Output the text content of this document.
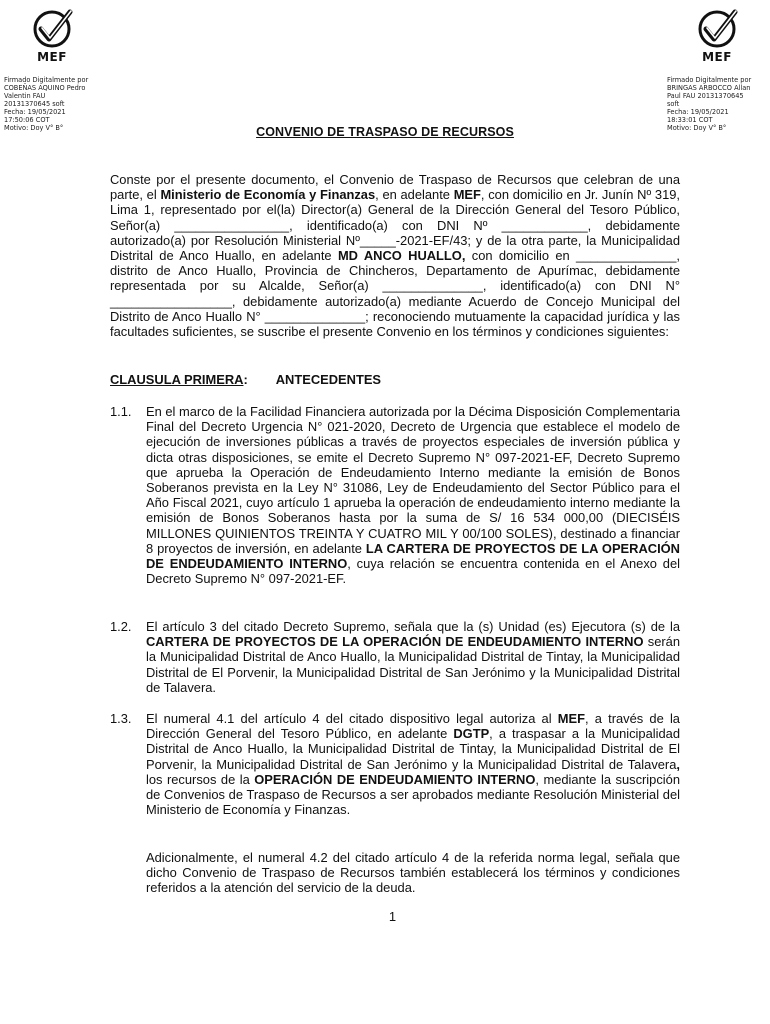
MEF
Firmado Digitalmente por
COBEÑAS AQUINO Pedro
Valentin FAU
20131370645 soft
Fecha: 19/05/2021
17:50:06 COT
Motivo: Doy V° B°
MEF
Firmado Digitalmente por
BRINGAS ARBOCCO Allan
Paul FAU 20131370645
soft
Fecha: 19/05/2021
18:33:01 COT
Motivo: Doy V° B°
CONVENIO DE TRASPASO DE RECURSOS

Conste por el presente documento, el Convenio de Traspaso de Recursos que celebran de una parte, el Ministerio de Economía y Finanzas, en adelante MEF, con domicilio en Jr. Junín Nº 319, Lima 1, representado por el(la) Director(a) General de la Dirección General del Tesoro Público, Señor(a) ________________, identificado(a) con DNI Nº ____________, debidamente autorizado(a) por Resolución Ministerial Nº_____-2021-EF/43; y de la otra parte, la Municipalidad Distrital de Anco Huallo, en adelante MD ANCO HUALLO, con domicilio en ______________, distrito de Anco Huallo, Provincia de Chincheros, Departamento de Apurímac, debidamente representada por su Alcalde, Señor(a) ______________, identificado(a) con DNI N° _________________, debidamente autorizado(a) mediante Acuerdo de Concejo Municipal del Distrito de Anco Huallo N° ______________; reconociendo mutuamente la capacidad jurídica y las facultades suficientes, se suscribe el presente Convenio en los términos y condiciones siguientes:

CLAUSULA PRIMERA: ANTECEDENTES
1.1.	En el marco de la Facilidad Financiera autorizada por la Décima Disposición Complementaria Final del Decreto Urgencia N° 021-2020, Decreto de Urgencia que establece el modelo de ejecución de inversiones públicas a través de proyectos especiales de inversión pública y dicta otras disposiciones, se emite el Decreto Supremo N° 097-2021-EF, Decreto Supremo que aprueba la Operación de Endeudamiento Interno mediante la emisión de Bonos Soberanos prevista en la Ley N° 31086, Ley de Endeudamiento del Sector Público para el Año Fiscal 2021, cuyo artículo 1 aprueba la operación de endeudamiento interno mediante la emisión de Bonos Soberanos hasta por la suma de S/ 16 534 000,00 (DIECISÉIS MILLONES QUINIENTOS TREINTA Y CUATRO MIL Y 00/100 SOLES), destinado a financiar 8 proyectos de inversión, en adelante LA CARTERA DE PROYECTOS DE LA OPERACIÓN DE ENDEUDAMIENTO INTERNO, cuya relación se encuentra contenida en el Anexo del Decreto Supremo N° 097-2021-EF.
1.2.	El artículo 3 del citado Decreto Supremo, señala que la (s) Unidad (es) Ejecutora (s) de la CARTERA DE PROYECTOS DE LA OPERACIÓN DE ENDEUDAMIENTO INTERNO serán la Municipalidad Distrital de Anco Huallo, la Municipalidad Distrital de Tintay, la Municipalidad Distrital de El Porvenir, la Municipalidad Distrital de San Jerónimo y la Municipalidad Distrital de Talavera.
1.3.	El numeral 4.1 del artículo 4 del citado dispositivo legal autoriza al MEF, a través de la Dirección General del Tesoro Público, en adelante DGTP, a traspasar a la Municipalidad Distrital de Anco Huallo, la Municipalidad Distrital de Tintay, la Municipalidad Distrital de El Porvenir, la Municipalidad Distrital de San Jerónimo y la Municipalidad Distrital de Talavera, los recursos de la OPERACIÓN DE ENDEUDAMIENTO INTERNO, mediante la suscripción de Convenios de Traspaso de Recursos a ser aprobados mediante Resolución Ministerial del Ministerio de Economía y Finanzas.
Adicionalmente, el numeral 4.2 del citado artículo 4 de la referida norma legal, señala que dicho Convenio de Traspaso de Recursos también establecerá los términos y condiciones referidos a la atención del servicio de la deuda.
1
